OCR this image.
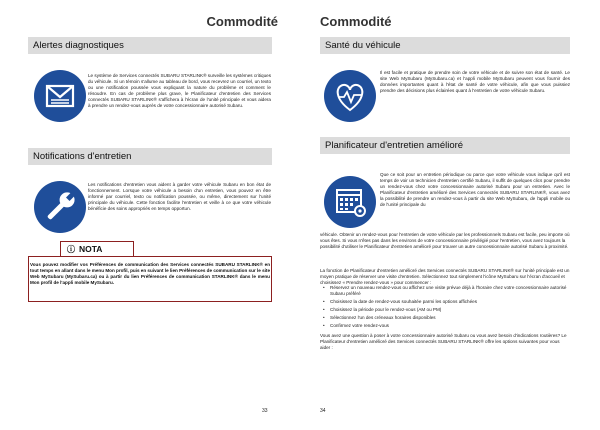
Commodité
Alertes diagnostiques

Le système de Services connectés SUBARU STARLINK® surveille les systèmes critiques du véhicule. Si un témoin s'allume au tableau de bord, vous recevrez un courriel, un texto ou une notification poussée vous expliquant la nature du problème et comment le résoudre. En cas de problème plus grave, le Planificateur d'entretien des Services connectés SUBARU STARLINK® s'affichera à l'écran de l'unité principale et vous aidera à prendre un rendez-vous auprès de votre concessionnaire autorisé Subaru.

Notifications d'entretien

Les notifications d'entretien vous aident à garder votre véhicule Subaru en bon état de fonctionnement. Lorsque votre véhicule a besoin d'un entretien, vous pouvez en être informé par courriel, texto ou notification poussée, ou même, directement sur l'unité principale du véhicule. Cette fonction facilite l'entretien et veille à ce que votre véhicule bénéficie des soins appropriés en temps opportun.

ⓘ NOTA

Vous pouvez modifier vos Préférences de communication des Services connectés SUBARU STARLINK® en tout temps en allant dans le menu Mon profil, puis en suivant le lien Préférences de communication sur le site Web MySubaru (MySubaru.ca) ou à partir du lien Préférences de communication STARLINK® dans le menu Mon profil de l'appli mobile MySubaru.

33
Commodité
Santé du véhicule

Il est facile et pratique de prendre soin de votre véhicule et de suivre son état de santé. Le site Web MySubaru (MySubaru.ca) et l'appli mobile MySubaru peuvent vous fournir des données importantes quant à l'état de santé de votre véhicule, afin que vous puissiez prendre des décisions plus éclairées quant à l'entretien de votre véhicule Subaru.

Planificateur d'entretien amélioré

Que ce soit pour un entretien périodique ou parce que votre véhicule vous indique qu'il est temps de voir un technicien d'entretien certifié Subaru, il suffit de quelques clics pour prendre un rendez-vous chez votre concessionnaire autorisé Subaru pour un entretien. Avec le Planificateur d'entretien amélioré des Services connectés SUBARU STARLINK®, vous avez la possibilité de prendre un rendez-vous à partir du site Web MySubaru, de l'appli mobile ou de l'unité principale du

véhicule. Obtenir un rendez-vous pour l'entretien de votre véhicule par les professionnels Subaru est facile, peu importe où vous êtes. Si vous n'êtes pas dans les environs de votre concessionnaire privilégié pour l'entretien, vous avez toujours la possibilité d'utiliser le Planificateur d'entretien amélioré pour trouver un autre concessionnaire autorisé Subaru à proximité.

La fonction de Planificateur d'entretien amélioré des Services connectés SUBARU STARLINK® sur l'unité principale est un moyen pratique de réserver une visite d'entretien. Sélectionnez tout simplement l'icône MySubaru sur l'écran d'accueil et choisissez « Prendre rendez-vous » pour commencer :

• Réservez un nouveau rendez-vous ou affichez une visite prévue déjà à l'horaire chez votre concessionnaire autorisé Subaru préféré
• Choisissez la date de rendez-vous souhaitée parmi les options affichées
• Choisissez la période pour le rendez-vous (AM ou PM)
• Sélectionnez l'un des créneaux horaires disponibles
• Confirmez votre rendez-vous

Vous avez une question à poser à votre concessionnaire autorisé Subaru ou vous avez besoin d'indications routières? Le Planificateur d'entretien amélioré des Services connectés SUBARU STARLINK® offre les options suivantes pour vous aider :

34
